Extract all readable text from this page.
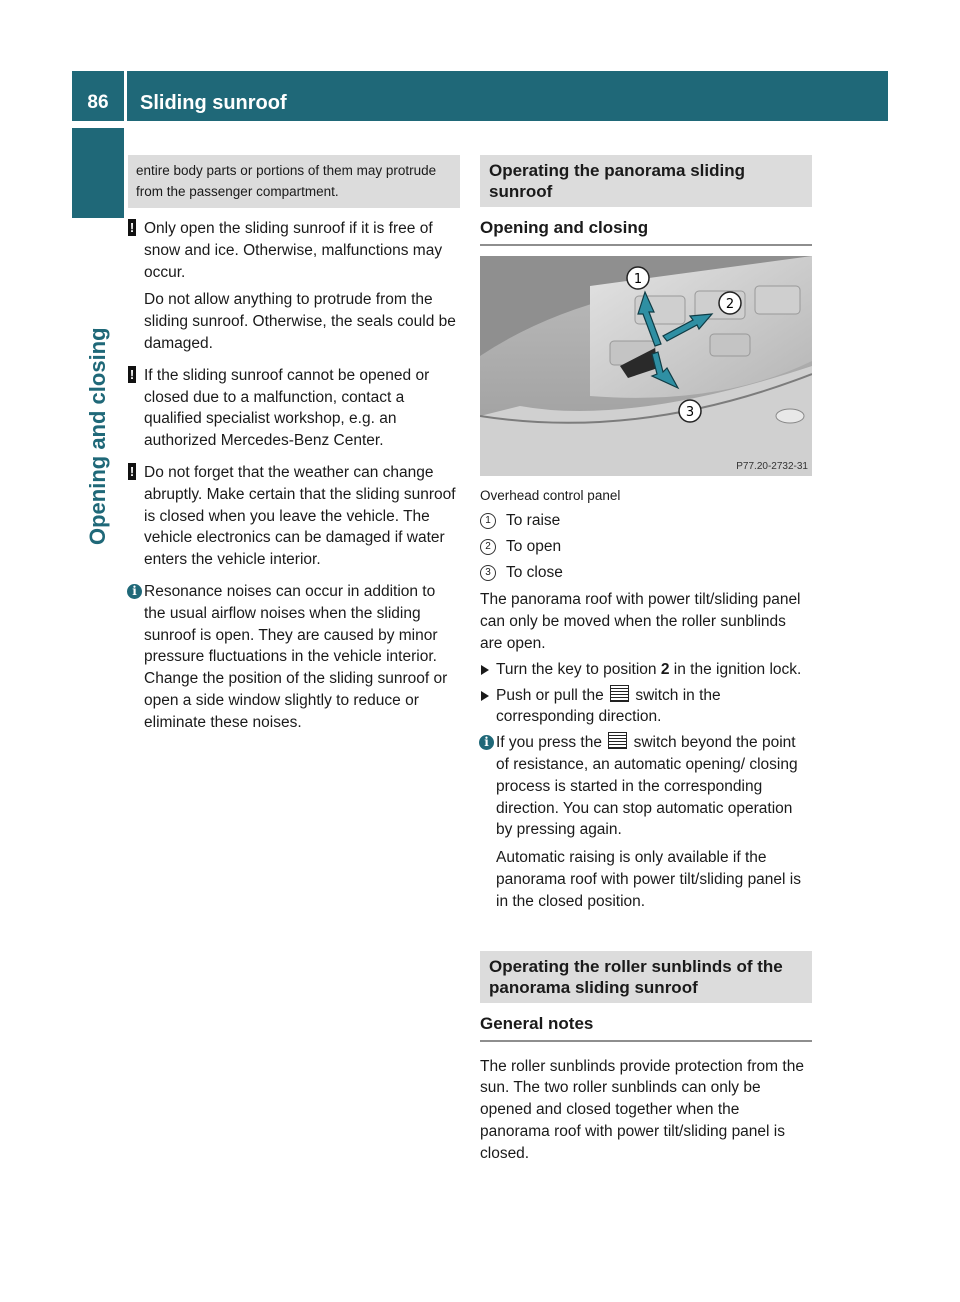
86	Sliding sunroof
Opening and closing
entire body parts or portions of them may protrude from the passenger compartment.
! Only open the sliding sunroof if it is free of snow and ice. Otherwise, malfunctions may occur.
Do not allow anything to protrude from the sliding sunroof. Otherwise, the seals could be damaged.
! If the sliding sunroof cannot be opened or closed due to a malfunction, contact a qualified specialist workshop, e.g. an authorized Mercedes-Benz Center.
! Do not forget that the weather can change abruptly. Make certain that the sliding sunroof is closed when you leave the vehicle. The vehicle electronics can be damaged if water enters the vehicle interior.
i Resonance noises can occur in addition to the usual airflow noises when the sliding sunroof is open. They are caused by minor pressure fluctuations in the vehicle interior. Change the position of the sliding sunroof or open a side window slightly to reduce or eliminate these noises.
Operating the panorama sliding sunroof
Opening and closing
1
2
3
P77.20-2732-31
Overhead control panel
1 To raise
2 To open
3 To close
The panorama roof with power tilt/sliding panel can only be moved when the roller sunblinds are open.
Turn the key to position 2 in the ignition lock.
Push or pull the  switch in the corresponding direction.
i If you press the  switch beyond the point of resistance, an automatic opening/ closing process is started in the corresponding direction. You can stop automatic operation by pressing again.
Automatic raising is only available if the panorama roof with power tilt/sliding panel is in the closed position.
Operating the roller sunblinds of the panorama sliding sunroof
General notes
The roller sunblinds provide protection from the sun. The two roller sunblinds can only be opened and closed together when the panorama roof with power tilt/sliding panel is closed.
